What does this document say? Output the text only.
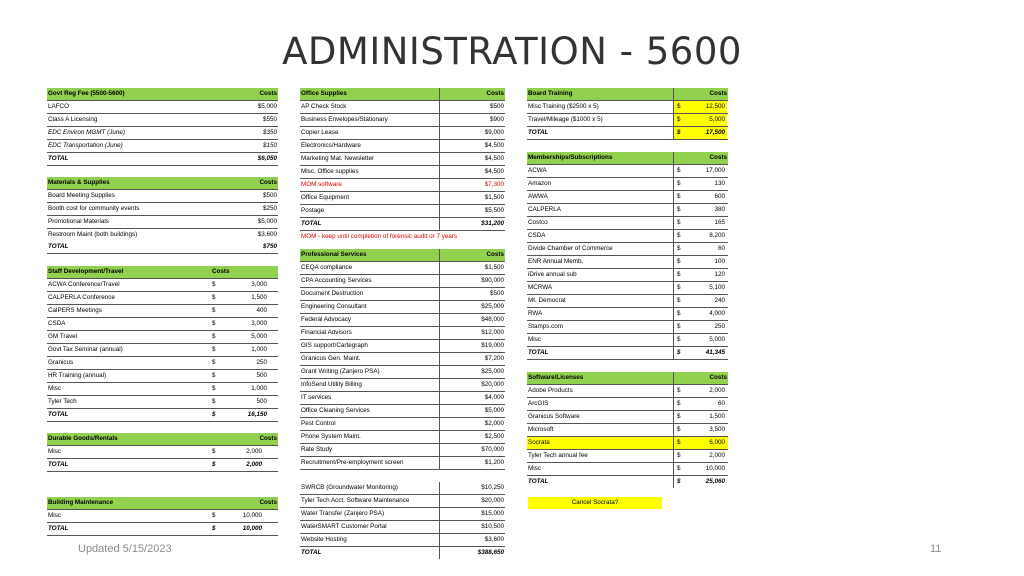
ADMINISTRATION - 5600
Govt Reg Fee (5500-5600)	Costs
LAFCO	$5,000
Class A Licensing	$550
EDC Environ MGMT (June)	$350
EDC Transportation (June)	$150
TOTAL	$6,050
Materials & Supplies	Costs
Board Meeting Supplies	$500
Booth cost for community events	$250
Promotional Materials	$5,000
Restroom Maint (both buildings)	$3,600
TOTAL	$750
Staff Development/Travel	Costs
ACWA Conference/Travel	$	3,000
CALPERLA Conference	$	1,500
CalPERS Meetings	$	400
CSDA	$	3,000
GM Travel	$	5,000
Govt Tax Seminar (annual)	$	1,000
Granicus	$	250
HR Training (annual)	$	500
Misc	$	1,000
Tyler Tech	$	500
TOTAL	$	16,150
Durable Goods/Rentals	Costs
Misc	$	2,000
TOTAL	$	2,000
Building Maintenance	Costs
Misc	$	10,000
TOTAL	$	10,000
Office Supplies	Costs
AP Check Stock	$500
Business Envelopes/Stationary	$900
Copier Lease	$9,000
Electronics/Hardware	$4,500
Marketing Mat. Newsletter	$4,500
Misc. Office supplies	$4,500
MOM software	$7,300
Office Equipment	$1,500
Postage	$5,500
TOTAL	$31,200
MOM - keep until completion of forensic audit or 7 years
Professional Services	Costs
CEQA compliance	$1,500
CPA Accounting Services	$90,000
Document Destruction	$500
Engineering Consultant	$25,000
Federal Advocacy	$48,000
Financial Advisors	$12,000
GIS support/Cartegraph	$19,000
Granicus Gen. Maint.	$7,200
Grant Writing (Zanjero PSA)	$25,000
InfoSend Utility Billing	$20,000
IT services	$4,000
Office Cleaning Services	$5,000
Pest Control	$2,000
Phone System Maint.	$2,500
Rate Study	$70,000
Recruitment/Pre-employment screen	$1,200
SWRCB (Groundwater Monitoring)	$10,250
Tyler Tech Acct. Software Maintenance	$20,000
Water Transfer (Zanjero PSA)	$15,000
WaterSMART Customer Portal	$10,500
Website Hosting	$3,600
TOTAL	$388,650
Board Training	Costs
Misc Training ($2500 x 5)	$	12,500
Travel/Mileage ($1000 x 5)	$	5,000
TOTAL	$	17,500
Memberships/Subscriptions	Costs
ACWA	$	17,000
Amazon	$	130
AWWA	$	600
CALPERLA	$	380
Costco	$	165
CSDA	$	8,200
Divide Chamber of Commerce	$	60
ENR Annual Memb.	$	100
iDrive annual sub	$	120
MCRWA	$	5,100
Mt. Democrat	$	240
RWA	$	4,000
Stamps.com	$	250
Misc	$	5,000
TOTAL	$	41,345
Software/Licenses	Costs
Adobe Products	$	2,000
ArcGIS	$	60
Granicus Software	$	1,500
Microsoft	$	3,500
Socrata	$	6,000
Tyler Tech annual fee	$	2,000
Misc	$	10,000
TOTAL	$	25,060
Cancel Socrata?
Updated 5/15/2023	11
